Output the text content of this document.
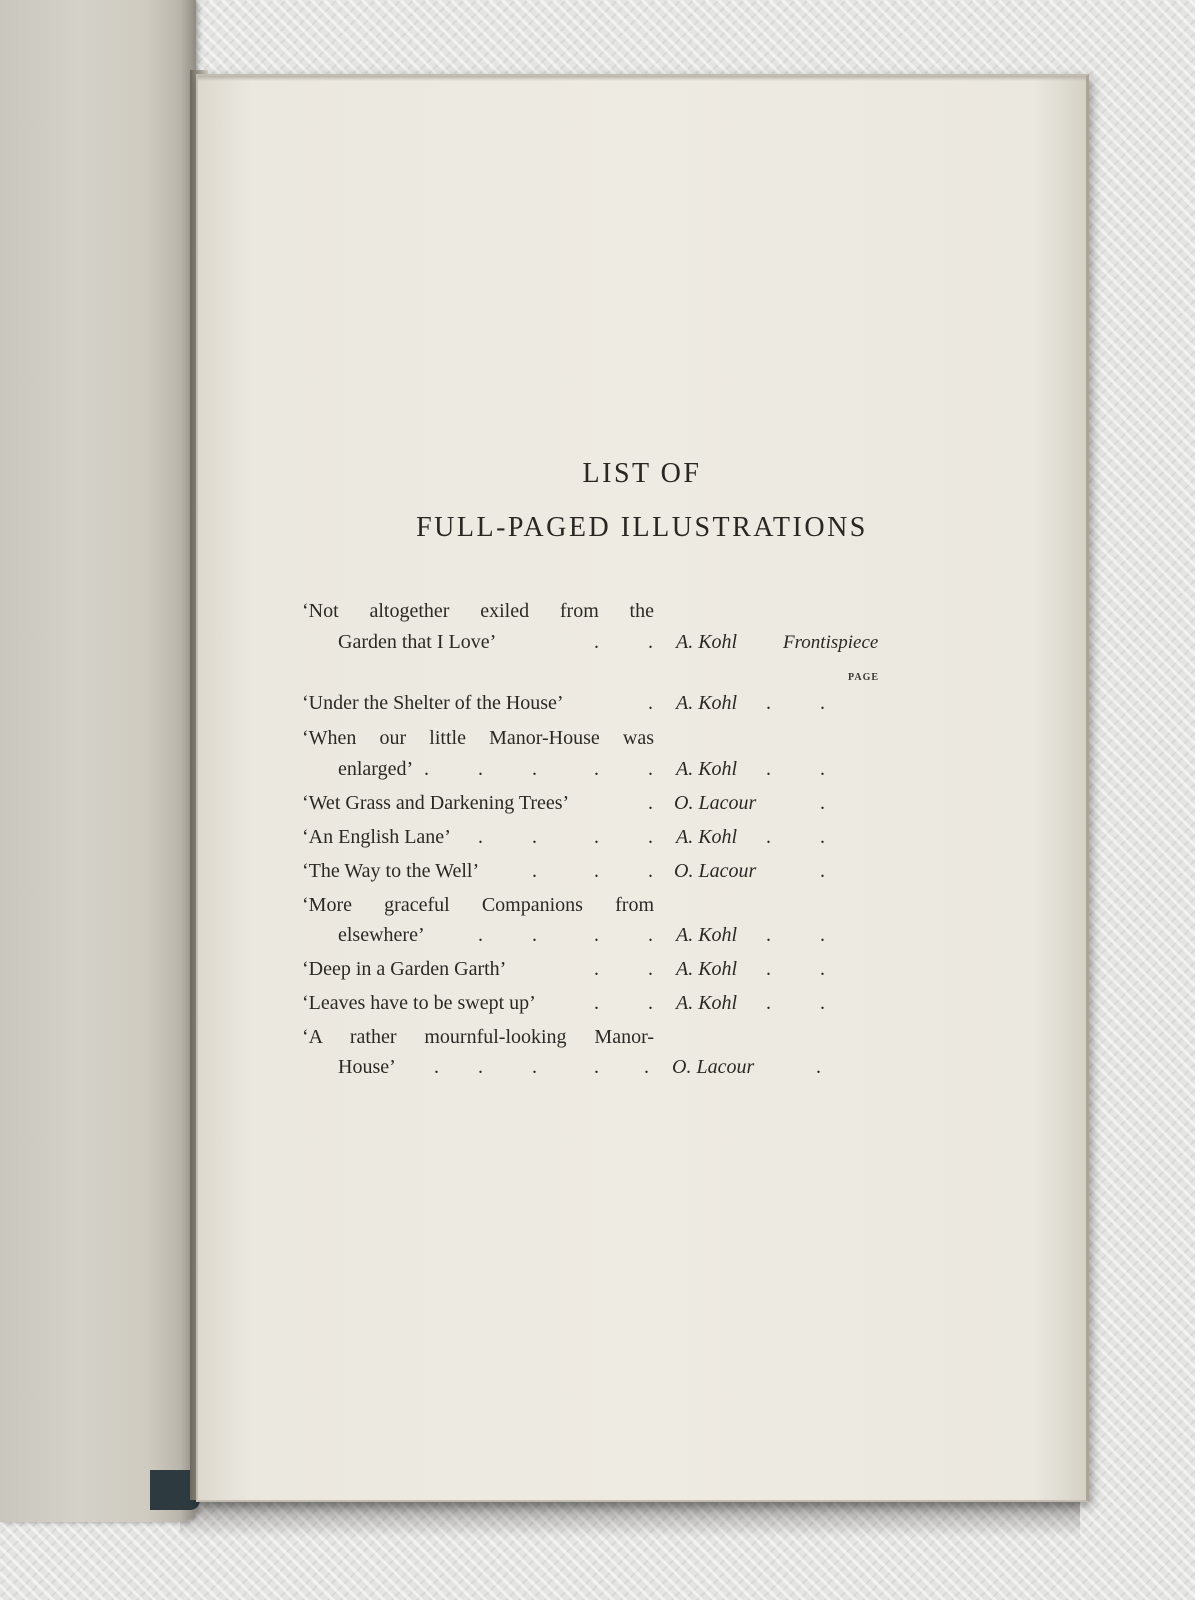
LIST OF
FULL-PAGED ILLUSTRATIONS
‘Not altogether exiled from the
Garden that I Love’	. . A. Kohl Frontispiece
PAGE
‘Under the Shelter of the House’	. A. Kohl . .
‘When our little Manor-House was
enlarged’ . . .	. . A. Kohl . .
‘Wet Grass and Darkening Trees’	. O. Lacour	.
‘An English Lane’ . .	. . A. Kohl . .
‘The Way to the Well’	.	. . O. Lacour	.
‘More graceful Companions from
elsewhere’	. .	. . A. Kohl . .
‘Deep in a Garden Garth’	. . A. Kohl . .
‘Leaves have to be swept up’	. . A. Kohl . .
‘A rather mournful-looking Manor-
House’ . . .	. . O. Lacour	.
